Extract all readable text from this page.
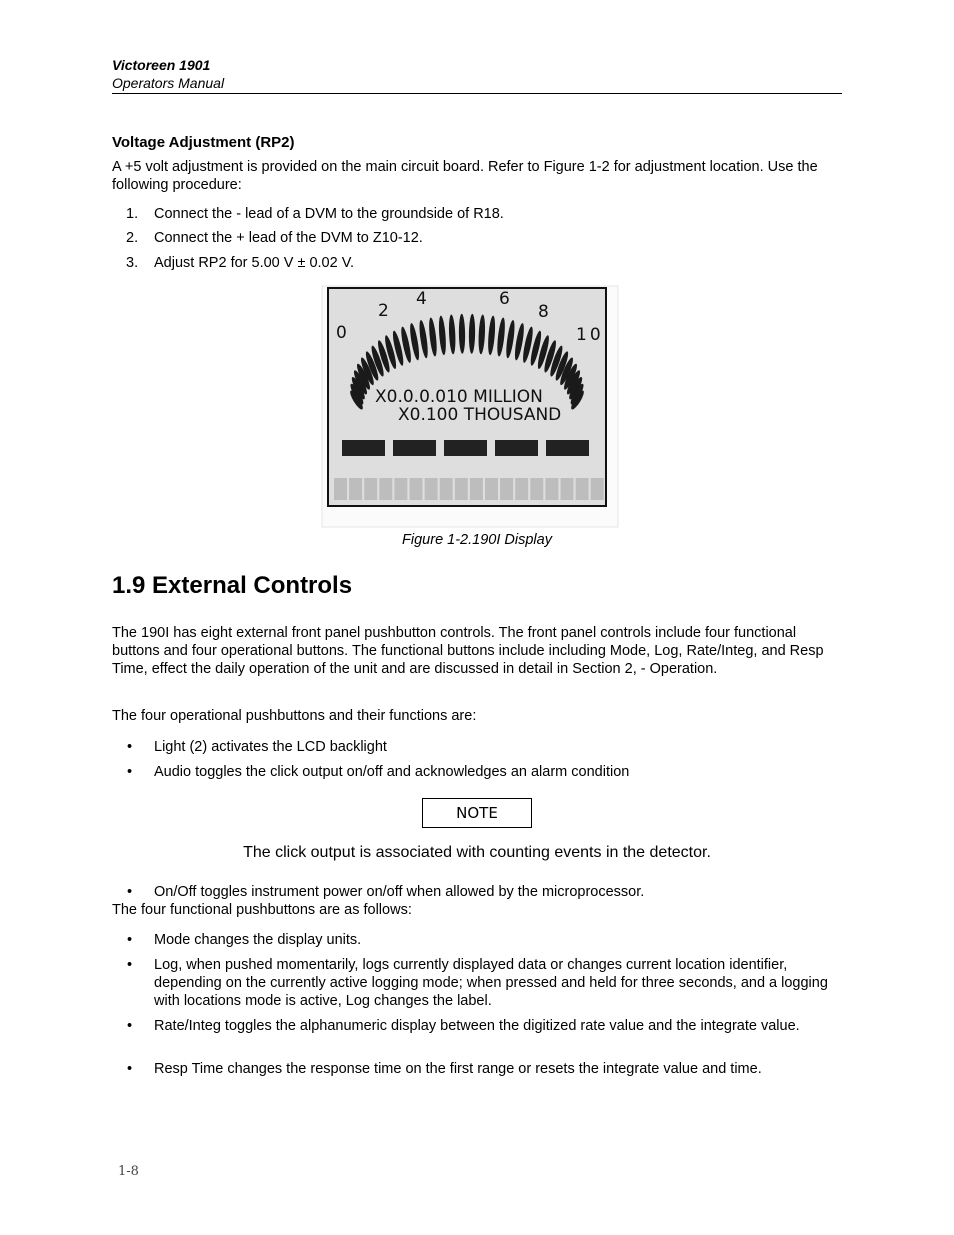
Victoreen 1901
Operators Manual
Voltage Adjustment (RP2)
A +5 volt adjustment is provided on the main circuit board. Refer to Figure 1-2 for adjustment location. Use the following procedure:
1. Connect the - lead of a DVM to the groundside of R18.
2. Connect the + lead of the DVM to Z10-12.
3. Adjust RP2 for 5.00 V ± 0.02 V.
0
2
4	6
8
10
X0.0.0.010 MILLION
X0.100 THOUSAND
Figure 1-2.190I Display
1.9 External Controls
The 190I has eight external front panel pushbutton controls. The front panel controls include four functional buttons and four operational buttons. The functional buttons include including Mode, Log, Rate/Integ, and Resp Time, effect the daily operation of the unit and are discussed in detail in Section 2, - Operation.
The four operational pushbuttons and their functions are:
• Light (2) activates the LCD backlight
• Audio toggles the click output on/off and acknowledges an alarm condition
NOTE
The click output is associated with counting events in the detector.
• On/Off toggles instrument power on/off when allowed by the microprocessor.
The four functional pushbuttons are as follows:
• Mode changes the display units.
• Log, when pushed momentarily, logs currently displayed data or changes current location identifier, depending on the currently active logging mode; when pressed and held for three seconds, and a logging with locations mode is active, Log changes the label.
• Rate/Integ toggles the alphanumeric display between the digitized rate value and the integrate value.
• Resp Time changes the response time on the first range or resets the integrate value and time.
1-8
